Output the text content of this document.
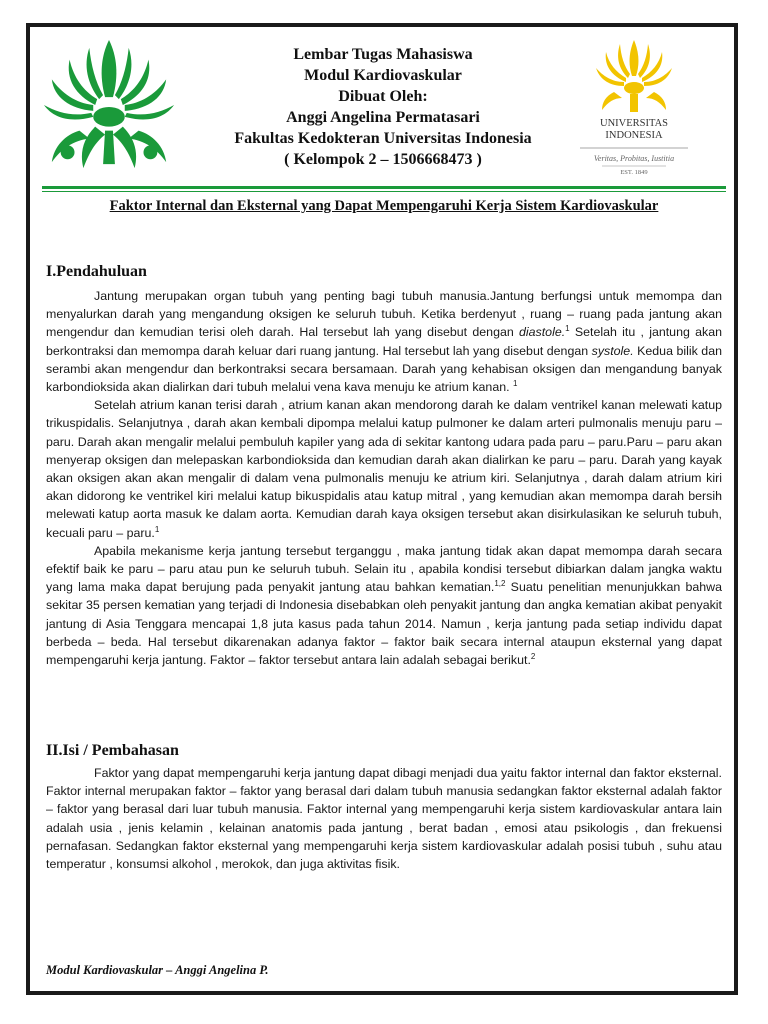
Lembar Tugas Mahasiswa
Modul Kardiovaskular
Dibuat Oleh:
Anggi Angelina Permatasari
Fakultas Kedokteran Universitas Indonesia
( Kelompok 2 – 1506668473 )
UNIVERSITAS
INDONESIA
Veritas, Probitas, Iustitia
EST. 1849
Faktor Internal dan Eksternal yang Dapat Mempengaruhi Kerja Sistem Kardiovaskular
I.Pendahuluan

Jantung merupakan organ tubuh yang penting bagi tubuh manusia.Jantung berfungsi untuk memompa dan menyalurkan darah yang mengandung oksigen ke seluruh tubuh. Ketika berdenyut , ruang – ruang pada jantung akan mengendur dan kemudian terisi oleh darah. Hal tersebut lah yang disebut dengan diastole.$^1$ Setelah itu , jantung akan berkontraksi dan memompa darah keluar dari ruang jantung. Hal tersebut lah yang disebut dengan systole. Kedua bilik dan serambi akan mengendur dan berkontraksi secara bersamaan. Darah yang kehabisan oksigen dan mengandung banyak karbondioksida akan dialirkan dari tubuh melalui vena kava menuju ke atrium kanan. $^1$

Setelah atrium kanan terisi darah , atrium kanan akan mendorong darah ke dalam ventrikel kanan melewati katup trikuspidalis. Selanjutnya , darah akan kembali dipompa melalui katup pulmoner ke dalam arteri pulmonalis menuju paru – paru. Darah akan mengalir melalui pembuluh kapiler yang ada di sekitar kantong udara pada paru – paru.Paru – paru akan menyerap oksigen dan melepaskan karbondioksida dan kemudian darah akan dialirkan ke paru – paru. Darah yang kayak akan oksigen akan akan mengalir di dalam vena pulmonalis menuju ke atrium kiri. Selanjutnya , darah dalam atrium kiri akan didorong ke ventrikel kiri melalui katup bikuspidalis atau katup mitral , yang kemudian akan memompa darah bersih melewati katup aorta masuk ke dalam aorta. Kemudian darah kaya oksigen tersebut akan disirkulasikan ke seluruh tubuh, kecuali paru – paru.$^1$

Apabila mekanisme kerja jantung tersebut terganggu , maka jantung tidak akan dapat memompa darah secara efektif baik ke paru – paru atau pun ke seluruh tubuh. Selain itu , apabila kondisi tersebut dibiarkan dalam jangka waktu yang lama maka dapat berujung pada penyakit jantung atau bahkan kematian.$^{1,2}$ Suatu penelitian menunjukkan bahwa sekitar 35 persen kematian yang terjadi di Indonesia disebabkan oleh penyakit jantung dan angka kematian akibat penyakit jantung di Asia Tenggara mencapai 1,8 juta kasus pada tahun 2014. Namun , kerja jantung pada setiap individu dapat berbeda – beda. Hal tersebut dikarenakan adanya faktor – faktor baik secara internal ataupun eksternal yang dapat mempengaruhi kerja jantung. Faktor – faktor tersebut antara lain adalah sebagai berikut.$^2$

II.Isi / Pembahasan

Faktor yang dapat mempengaruhi kerja jantung dapat dibagi menjadi dua yaitu faktor internal dan faktor eksternal. Faktor internal merupakan faktor – faktor yang berasal dari dalam tubuh manusia sedangkan faktor eksternal adalah faktor – faktor yang berasal dari luar tubuh manusia. Faktor internal yang mempengaruhi kerja sistem kardiovaskular antara lain adalah usia , jenis kelamin , kelainan anatomis pada jantung , berat badan , emosi atau psikologis , dan frekuensi pernafasan. Sedangkan faktor eksternal yang mempengaruhi kerja sistem kardiovaskular adalah posisi tubuh , suhu atau temperatur , konsumsi alkohol , merokok, dan juga aktivitas fisik.

Modul Kardiovaskular – Anggi Angelina P.
